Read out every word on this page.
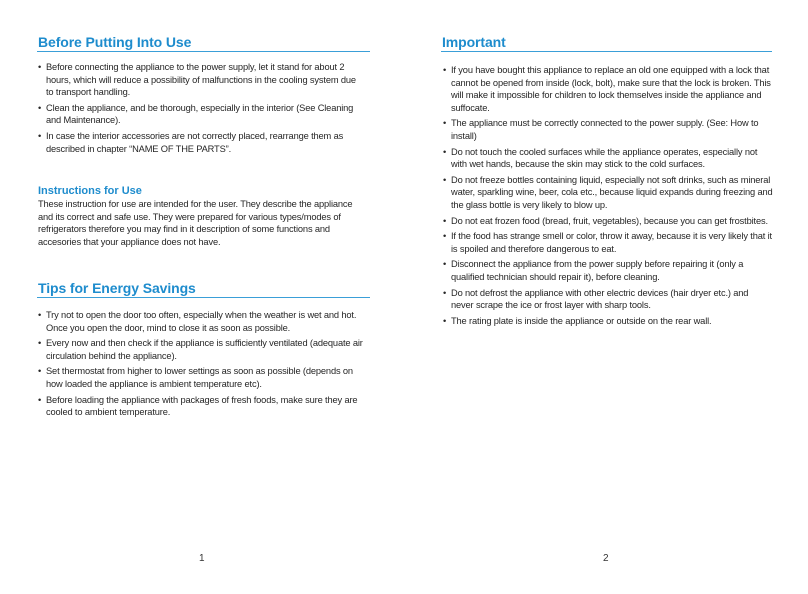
Before Putting Into Use
• Before connecting the appliance to the power supply, let it stand for about 2 hours, which will reduce a possibility of malfunctions in the cooling system due to transport handling.
• Clean the appliance, and be thorough, especially in the interior (See Cleaning and Maintenance).
• In case the interior accessories are not correctly placed, rearrange them as described in chapter “NAME OF THE PARTS”.
Instructions for Use
These instruction for use are intended for the user. They describe the appliance and its correct and safe use. They were prepared for various types/modes of refrigerators therefore you may find in it description of some functions and accesories that your appliance does not have.
Tips for Energy Savings
• Try not to open the door too often, especially when the weather is wet and hot. Once you open the door, mind to close it as soon as possible.
• Every now and then check if the appliance is sufficiently ventilated (adequate air circulation behind the appliance).
• Set thermostat from higher to lower settings as soon as possible (depends on how loaded the appliance is ambient temperature etc).
• Before loading the appliance with packages of fresh foods, make sure they are cooled to ambient temperature.
1
Important
• If you have bought this appliance to replace an old one equipped with a lock that cannot be opened from inside (lock, bolt), make sure that the lock is broken. This will make it impossible for children to lock themselves inside the appliance and suffocate.
• The appliance must be correctly connected to the power supply. (See: How to install)
• Do not touch the cooled surfaces while the appliance operates, especially not with wet hands, because the skin may stick to the cold surfaces.
• Do not freeze bottles containing liquid, especially not soft drinks, such as mineral water, sparkling wine, beer, cola etc., because liquid expands during freezing and the glass bottle is very likely to blow up.
• Do not eat frozen food (bread, fruit, vegetables), because you can get frostbites.
• If the food has strange smell or color, throw it away, because it is very likely that it is spoiled and therefore dangerous to eat.
• Disconnect the appliance from the power supply before repairing it (only a qualified technician should repair it), before cleaning.
• Do not defrost the appliance with other electric devices (hair dryer etc.) and never scrape the ice or frost layer with sharp tools.
• The rating plate is inside the appliance or outside on the rear wall.
2
